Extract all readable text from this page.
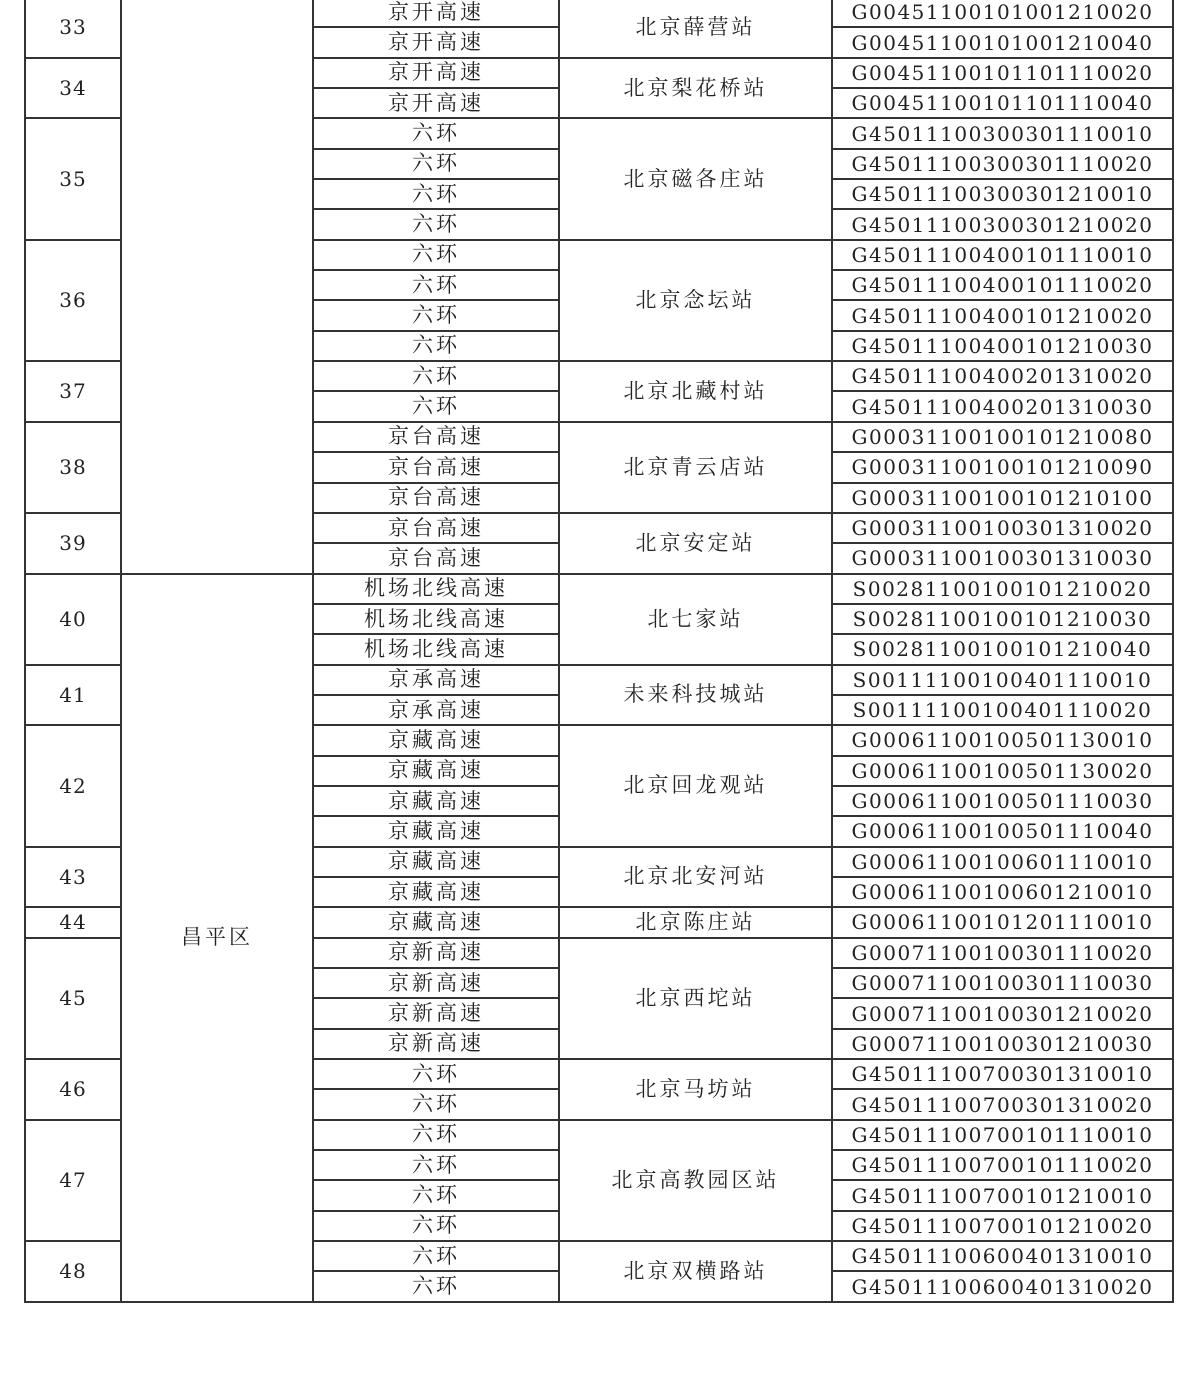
33		京开高速	北京薛营站	G00451100101001210020
		京开高速		G00451100101001210040
34		京开高速	北京梨花桥站	G00451100101101110020
		京开高速		G00451100101101110040
35		六环	北京磁各庄站	G45011100300301110010
		六环		G45011100300301110020
		六环		G45011100300301210010
		六环		G45011100300301210020
36		六环	北京念坛站	G45011100400101110010
		六环		G45011100400101110020
		六环		G45011100400101210020
		六环		G45011100400101210030
37		六环	北京北藏村站	G45011100400201310020
		六环		G45011100400201310030
38		京台高速	北京青云店站	G00031100100101210080
		京台高速		G00031100100101210090
		京台高速		G00031100100101210100
39		京台高速	北京安定站	G00031100100301310020
		京台高速		G00031100100301310030
40	昌平区	机场北线高速	北七家站	S00281100100101210020
		机场北线高速		S00281100100101210030
		机场北线高速		S00281100100101210040
41		京承高速	未来科技城站	S00111100100401110010
		京承高速		S00111100100401110020
42		京藏高速	北京回龙观站	G00061100100501130010
		京藏高速		G00061100100501130020
		京藏高速		G00061100100501110030
		京藏高速		G00061100100501110040
43		京藏高速	北京北安河站	G00061100100601110010
		京藏高速		G00061100100601210010
44		京藏高速	北京陈庄站	G00061100101201110010
45		京新高速	北京西坨站	G00071100100301110020
		京新高速		G00071100100301110030
		京新高速		G00071100100301210020
		京新高速		G00071100100301210030
46		六环	北京马坊站	G45011100700301310010
		六环		G45011100700301310020
47		六环	北京高教园区站	G45011100700101110010
		六环		G45011100700101110020
		六环		G45011100700101210010
		六环		G45011100700101210020
48		六环	北京双横路站	G45011100600401310010
		六环		G45011100600401310020
